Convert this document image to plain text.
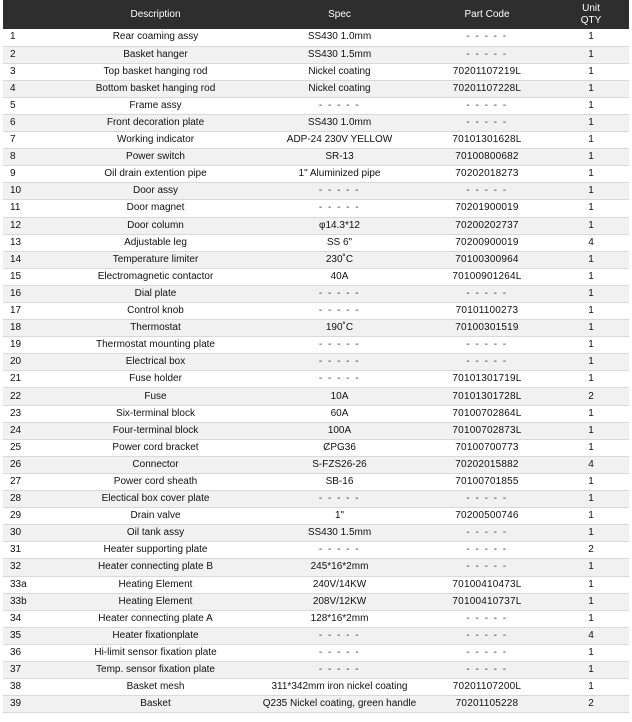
	Description	Spec	Part Code	Unit
QTY

1	Rear coaming assy	SS430 1.0mm	- - - - -	1
2	Basket hanger	SS430 1.5mm	- - - - -	1
3	Top basket hanging rod	Nickel coating	70201107219L	1
4	Bottom basket hanging rod	Nickel coating	70201107228L	1
5	Frame assy	- - - - -	- - - - -	1
6	Front decoration plate	SS430 1.0mm	- - - - -	1
7	Working indicator	ADP-24 230V YELLOW	70101301628L	1
8	Power switch	SR-13	70100800682	1
9	Oil drain extention pipe	1" Aluminized pipe	70202018273	1
10	Door assy	- - - - -	- - - - -	1
11	Door magnet	- - - - -	70201900019	1
12	Door column	φ14.3*12	70200202737	1
13	Adjustable leg	SS 6"	70200900019	4
14	Temperature limiter	230˚C	70100300964	1
15	Electromagnetic contactor	40A	70100901264L	1
16	Dial plate	- - - - -	- - - - -	1
17	Control knob	- - - - -	70101100273	1
18	Thermostat	190˚C	70100301519	1
19	Thermostat mounting plate	- - - - -	- - - - -	1
20	Electrical box	- - - - -	- - - - -	1
21	Fuse holder	- - - - -	70101301719L	1
22	Fuse	10A	70101301728L	2
23	Six-terminal block	60A	70100702864L	1
24	Four-terminal block	100A	70100702873L	1
25	Power cord bracket	ȻPG36	70100700773	1
26	Connector	S-FZS26-26	70202015882	4
27	Power cord sheath	SB-16	70100701855	1
28	Electical box cover plate	- - - - -	- - - - -	1
29	Drain valve	1"	70200500746	1
30	Oil tank assy	SS430 1.5mm	- - - - -	1
31	Heater supporting plate	- - - - -	- - - - -	2
32	Heater connecting plate B	245*16*2mm	- - - - -	1
33a	Heating Element	240V/14KW	70100410473L	1
33b	Heating Element	208V/12KW	70100410737L	1
34	Heater connecting plate A	128*16*2mm	- - - - -	1
35	Heater fixationplate	- - - - -	- - - - -	4
36	Hi-limit sensor fixation plate	- - - - -	- - - - -	1
37	Temp. sensor fixation plate	- - - - -	- - - - -	1
38	Basket mesh	311*342mm iron nickel coating	70201107200L	1
39	Basket	Q235 Nickel coating, green handle	70201105228	2
